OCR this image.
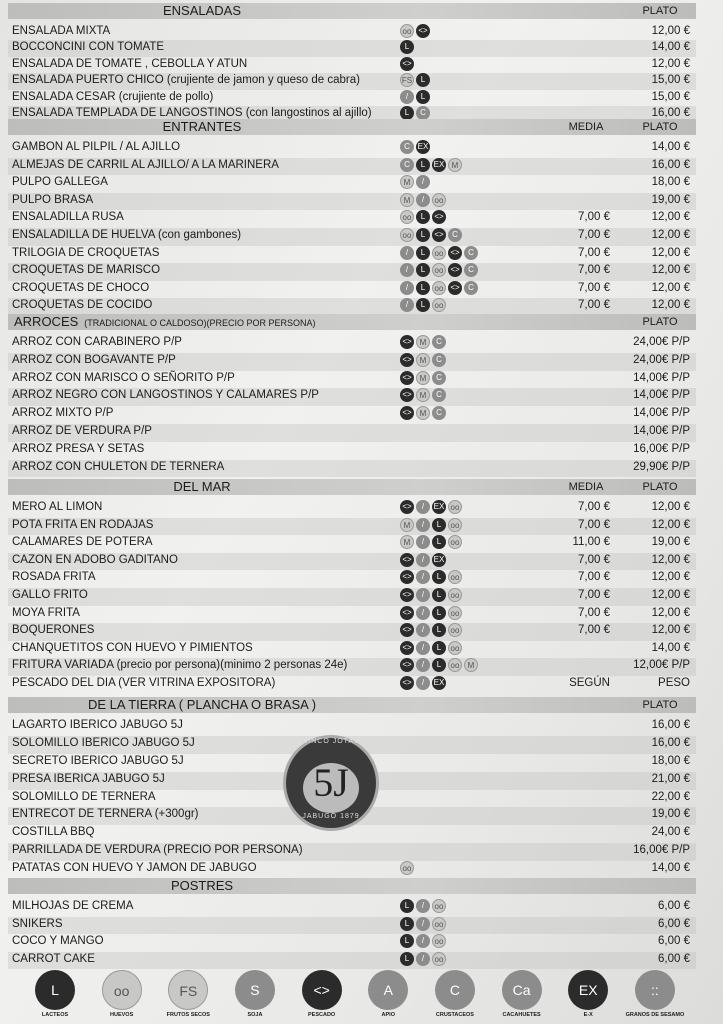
ENSALADAS	PLATO
ENSALADA MIXTA	oo <>	12,00 €
BOCCONCINI CON TOMATE	L	14,00 €
ENSALADA DE TOMATE , CEBOLLA Y ATUN	<>	12,00 €
ENSALADA PUERTO CHICO (crujiente de jamon y queso de cabra)	FS	L	15,00 €
ENSALADA CESAR (crujiente de pollo)	/	L	15,00 €
ENSALADA TEMPLADA DE LANGOSTINOS (con langostinos al ajillo)	L	C	16,00 €
ENTRANTES	MEDIA	PLATO
GAMBON AL PILPIL / AL AJILLO	C EX	14,00 €
ALMEJAS DE CARRIL AL AJILLO/ A LA MARINERA	C	L	EX M	16,00 €
PULPO GALLEGA	M	/	18,00 €
PULPO BRASA	M	/	oo	19,00 €
ENSALADILLA RUSA	oo	L	<>	7,00 €	12,00 €
ENSALADILLA DE HUELVA (con gambones)	oo	L	<>	C	7,00 €	12,00 €
TRILOGIA DE CROQUETAS	/	L	oo <>	C	7,00 €	12,00 €
CROQUETAS DE MARISCO	/	L	oo <>	C	7,00 €	12,00 €
CROQUETAS DE CHOCO	/	L	oo <>	C	7,00 €	12,00 €
CROQUETAS DE COCIDO	/	L	oo	7,00 €	12,00 €
ARROCES (TRADICIONAL O CALDOSO)(PRECIO POR PERSONA)	PLATO
ARROZ CON CARABINERO P/P	<> M	C	24,00€ P/P
ARROZ CON BOGAVANTE P/P	<> M	C	24,00€ P/P
ARROZ CON MARISCO O SEÑORITO P/P	<> M	C	14,00€ P/P
ARROZ NEGRO CON LANGOSTINOS Y CALAMARES P/P	<> M	C	14,00€ P/P
ARROZ MIXTO P/P	<> M	C	14,00€ P/P
ARROZ DE VERDURA P/P	14,00€ P/P
ARROZ PRESA Y SETAS	16,00€ P/P
ARROZ CON CHULETON DE TERNERA	29,90€ P/P
DEL MAR	MEDIA	PLATO
MERO AL LIMON	<>	/	EX oo	7,00 €	12,00 €
POTA FRITA EN RODAJAS	M	/	L	oo	7,00 €	12,00 €
CALAMARES DE POTERA	M	/	L	oo	11,00 €	19,00 €
CAZON EN ADOBO GADITANO	<>	/	EX	7,00 €	12,00 €
ROSADA FRITA	<>	/	L	oo	7,00 €	12,00 €
GALLO FRITO	<>	/	L	oo	7,00 €	12,00 €
MOYA FRITA	<>	/	L	oo	7,00 €	12,00 €
BOQUERONES	<>	/	L	oo	7,00 €	12,00 €
CHANQUETITOS CON HUEVO Y PIMIENTOS	<>	/	L	oo	14,00 €
FRITURA VARIADA (precio por persona)(minimo 2 personas 24e)	<>	/	L	oo	M	12,00€ P/P
PESCADO DEL DIA (VER VITRINA EXPOSITORA)	<>	/	EX	SEGÚN	PESO
DE LA TIERRA ( PLANCHA O BRASA )	PLATO
LAGARTO IBERICO JABUGO 5J	16,00 €
SOLOMILLO IBERICO JABUGO 5J	16,00 €
SECRETO IBERICO JABUGO 5J	18,00 €
PRESA IBERICA JABUGO 5J	21,00 €
SOLOMILLO DE TERNERA	22,00 €
ENTRECOT DE TERNERA (+300gr)	19,00 €
COSTILLA BBQ	24,00 €
PARRILLADA DE VERDURA (PRECIO POR PERSONA)	16,00€ P/P
PATATAS CON HUEVO Y JAMON DE JABUGO	oo	14,00 €
POSTRES
MILHOJAS DE CREMA	L	/	oo	6,00 €
SNIKERS	L	/	oo	6,00 €
COCO Y MANGO	L	/	oo	6,00 €
CARROT CAKE	L	/	oo	6,00 €
CINCO JOTAS
5J
JABUGO 1879
L
LACTEOS
oo
HUEVOS
FS
FRUTOS SECOS
S
SOJA
<>
PESCADO
A
APIO
C
CRUSTACEOS
Ca
CACAHUETES
EX
E-X
::
GRANOS DE SESAMO
